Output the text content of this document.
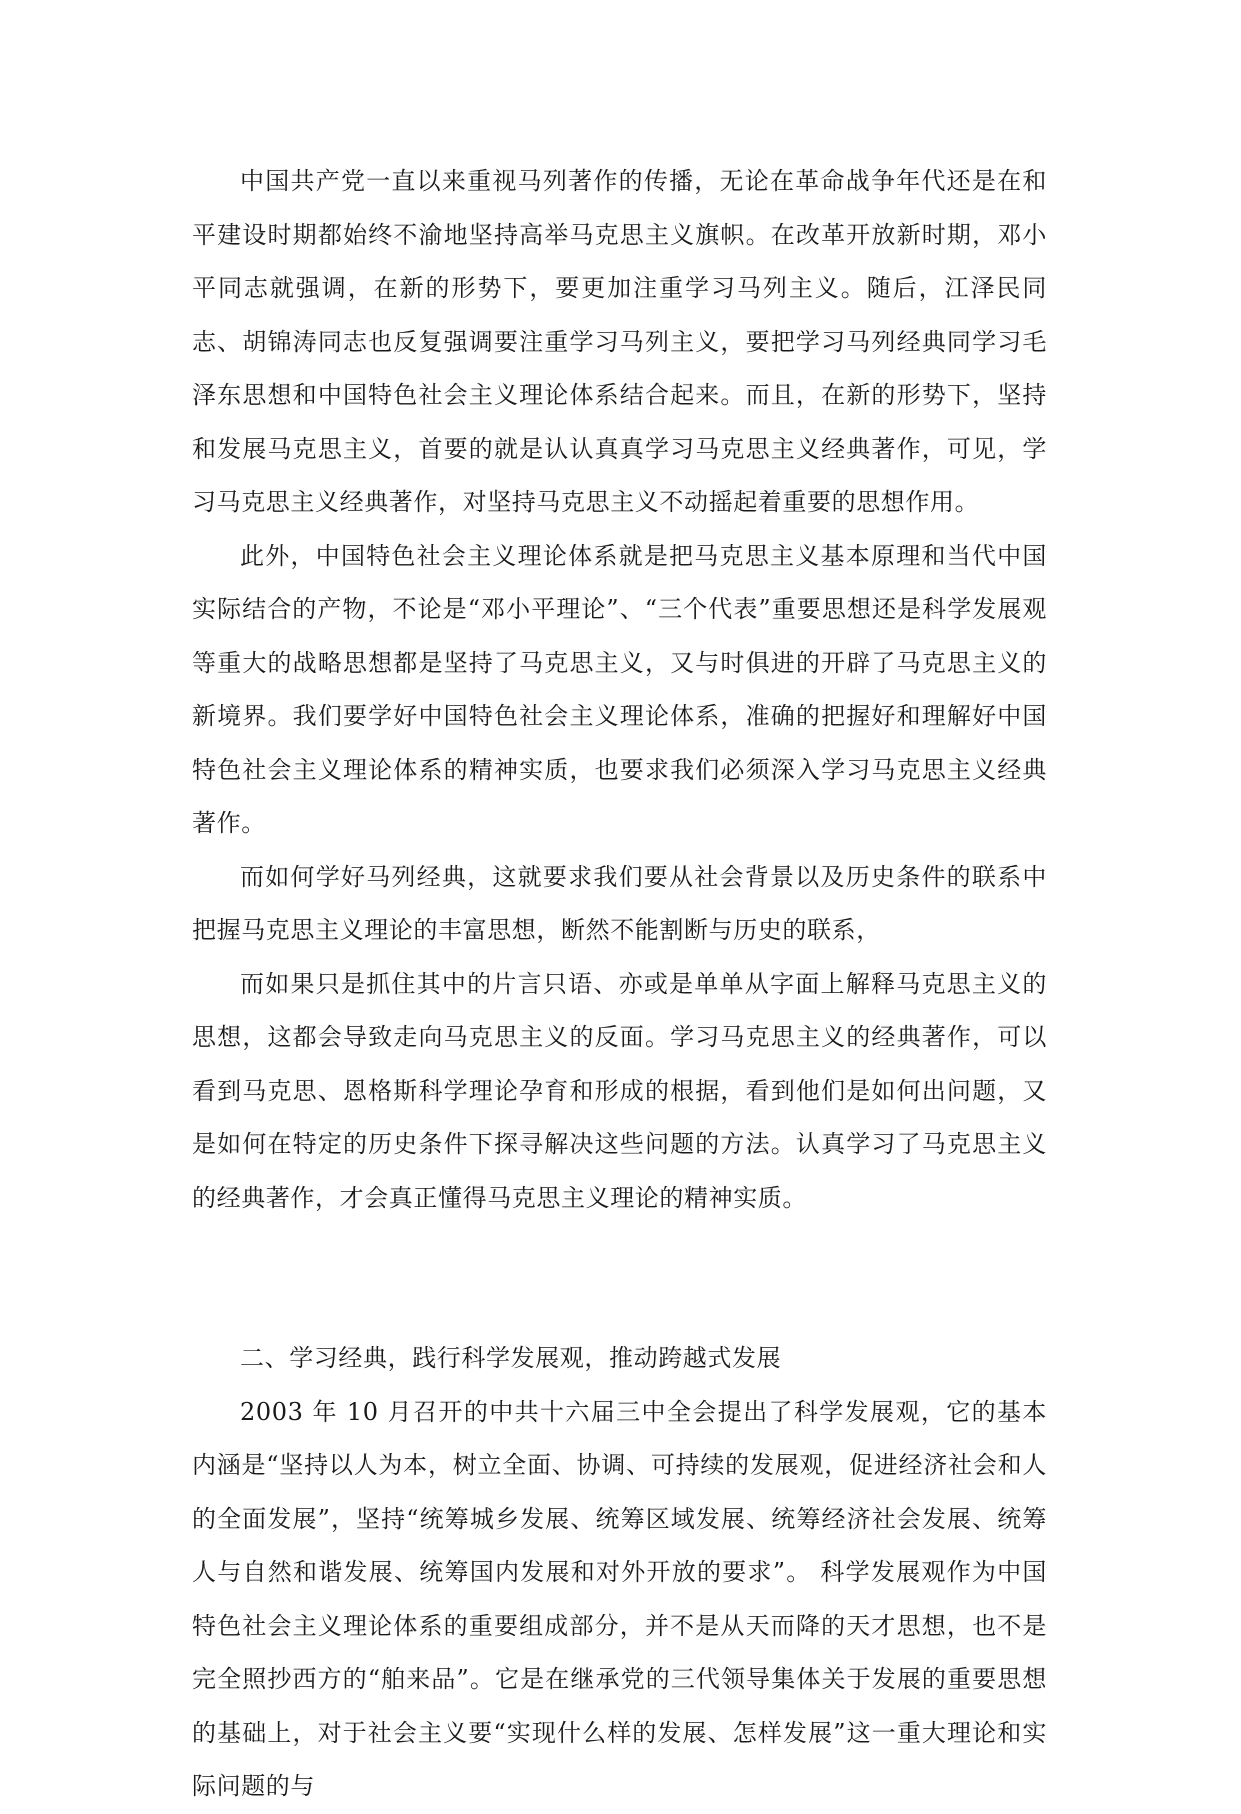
中国共产党一直以来重视马列著作的传播，无论在革命战争年代还是在和平建设时期都始终不渝地坚持高举马克思主义旗帜。在改革开放新时期，邓小平同志就强调，在新的形势下，要更加注重学习马列主义。随后，江泽民同志、胡锦涛同志也反复强调要注重学习马列主义，要把学习马列经典同学习毛泽东思想和中国特色社会主义理论体系结合起来。而且，在新的形势下，坚持和发展马克思主义，首要的就是认认真真学习马克思主义经典著作，可见，学习马克思主义经典著作，对坚持马克思主义不动摇起着重要的思想作用。

此外，中国特色社会主义理论体系就是把马克思主义基本原理和当代中国实际结合的产物，不论是“邓小平理论”、“三个代表”重要思想还是科学发展观等重大的战略思想都是坚持了马克思主义，又与时俱进的开辟了马克思主义的新境界。我们要学好中国特色社会主义理论体系，准确的把握好和理解好中国特色社会主义理论体系的精神实质，也要求我们必须深入学习马克思主义经典著作。

而如何学好马列经典，这就要求我们要从社会背景以及历史条件的联系中把握马克思主义理论的丰富思想，断然不能割断与历史的联系，

而如果只是抓住其中的片言只语、亦或是单单从字面上解释马克思主义的思想，这都会导致走向马克思主义的反面。学习马克思主义的经典著作，可以看到马克思、恩格斯科学理论孕育和形成的根据，看到他们是如何出问题，又是如何在特定的历史条件下探寻解决这些问题的方法。认真学习了马克思主义的经典著作，才会真正懂得马克思主义理论的精神实质。

二、学习经典，践行科学发展观，推动跨越式发展

2003 年 10 月召开的中共十六届三中全会提出了科学发展观，它的基本内涵是“坚持以人为本，树立全面、协调、可持续的发展观，促进经济社会和人的全面发展”，坚持“统筹城乡发展、统筹区域发展、统筹经济社会发展、统筹人与自然和谐发展、统筹国内发展和对外开放的要求”。 科学发展观作为中国特色社会主义理论体系的重要组成部分，并不是从天而降的天才思想，也不是完全照抄西方的“舶来品”。它是在继承党的三代领导集体关于发展的重要思想的基础上，对于社会主义要“实现什么样的发展、怎样发展”这一重大理论和实际问题的与
